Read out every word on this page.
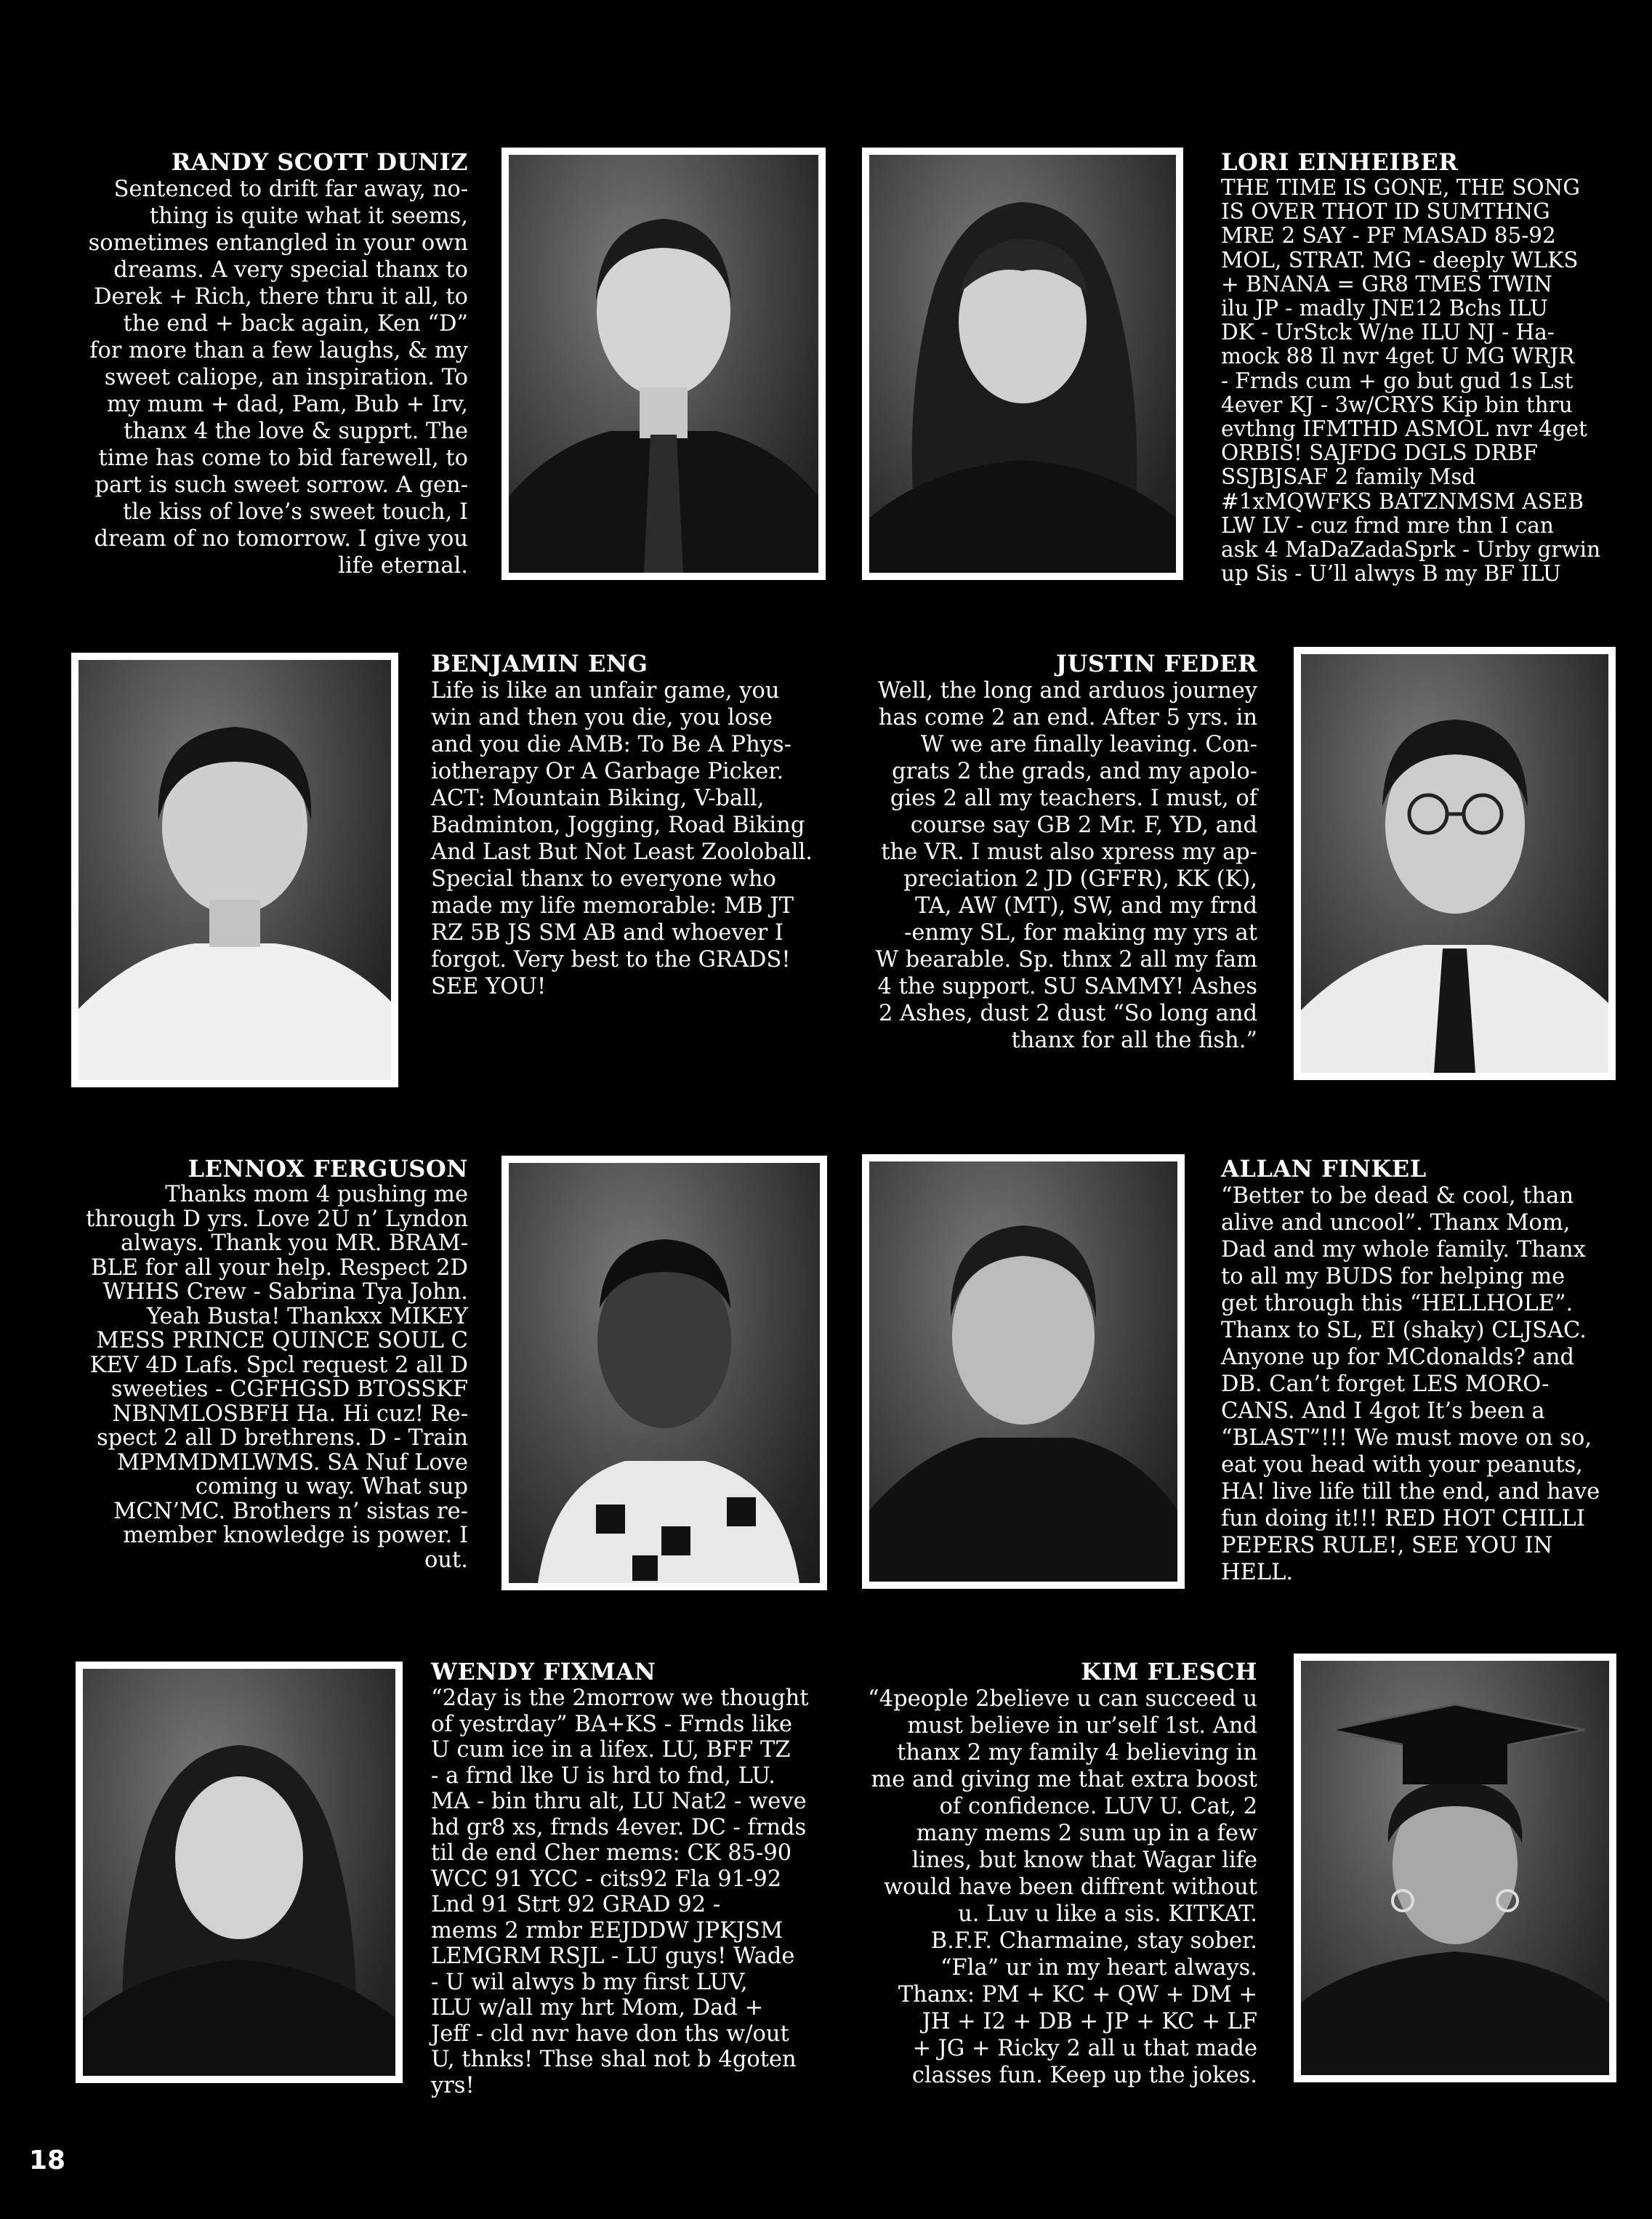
RANDY SCOTT DUNIZ
Sentenced to drift far away, no-
thing is quite what it seems,
sometimes entangled in your own
dreams. A very special thanx to
Derek + Rich, there thru it all, to
the end + back again, Ken “D”
for more than a few laughs, & my
sweet caliope, an inspiration. To
my mum + dad, Pam, Bub + Irv,
thanx 4 the love & supprt. The
time has come to bid farewell, to
part is such sweet sorrow. A gen-
tle kiss of love’s sweet touch, I
dream of no tomorrow. I give you
life eternal.
LORI EINHEIBER
THE TIME IS GONE, THE SONG
IS OVER THOT ID SUMTHNG
MRE 2 SAY - PF MASAD 85-92
MOL, STRAT. MG - deeply WLKS
+ BNANA = GR8 TMES TWIN
ilu JP - madly JNE12 Bchs ILU
DK - UrStck W/ne ILU NJ - Ha-
mock 88 Il nvr 4get U MG WRJR
- Frnds cum + go but gud 1s Lst
4ever KJ - 3w/CRYS Kip bin thru
evthng IFMTHD ASMOL nvr 4get
ORBIS! SAJFDG DGLS DRBF
SSJBJSAF 2 family Msd
#1xMQWFKS BATZNMSM ASEB
LW LV - cuz frnd mre thn I can
ask 4 MaDaZadaSprk - Urby grwin
up Sis - U’ll alwys B my BF ILU
BENJAMIN ENG
Life is like an unfair game, you
win and then you die, you lose
and you die AMB: To Be A Phys-
iotherapy Or A Garbage Picker.
ACT: Mountain Biking, V-ball,
Badminton, Jogging, Road Biking
And Last But Not Least Zooloball.
Special thanx to everyone who
made my life memorable: MB JT
RZ 5B JS SM AB and whoever I
forgot. Very best to the GRADS!
SEE YOU!
JUSTIN FEDER
Well, the long and arduos journey
has come 2 an end. After 5 yrs. in
W we are finally leaving. Con-
grats 2 the grads, and my apolo-
gies 2 all my teachers. I must, of
course say GB 2 Mr. F, YD, and
the VR. I must also xpress my ap-
preciation 2 JD (GFFR), KK (K),
TA, AW (MT), SW, and my frnd
-enmy SL, for making my yrs at
W bearable. Sp. thnx 2 all my fam
4 the support. SU SAMMY! Ashes
2 Ashes, dust 2 dust “So long and
thanx for all the fish.”
LENNOX FERGUSON
Thanks mom 4 pushing me
through D yrs. Love 2U n’ Lyndon
always. Thank you MR. BRAM-
BLE for all your help. Respect 2D
WHHS Crew - Sabrina Tya John.
Yeah Busta! Thankxx MIKEY
MESS PRINCE QUINCE SOUL C
KEV 4D Lafs. Spcl request 2 all D
sweeties - CGFHGSD BTOSSKF
NBNMLOSBFH Ha. Hi cuz! Re-
spect 2 all D brethrens. D - Train
MPMMDMLWMS. SA Nuf Love
coming u way. What sup
MCN’MC. Brothers n’ sistas re-
member knowledge is power. I
out.
ALLAN FINKEL
“Better to be dead & cool, than
alive and uncool”. Thanx Mom,
Dad and my whole family. Thanx
to all my BUDS for helping me
get through this “HELLHOLE”.
Thanx to SL, EI (shaky) CLJSAC.
Anyone up for MCdonalds? and
DB. Can’t forget LES MORO-
CANS. And I 4got It’s been a
“BLAST”!!! We must move on so,
eat you head with your peanuts,
HA! live life till the end, and have
fun doing it!!! RED HOT CHILLI
PEPERS RULE!, SEE YOU IN
HELL.
WENDY FIXMAN
“2day is the 2morrow we thought
of yestrday” BA+KS - Frnds like
U cum ice in a lifex. LU, BFF TZ
- a frnd lke U is hrd to fnd, LU.
MA - bin thru alt, LU Nat2 - weve
hd gr8 xs, frnds 4ever. DC - frnds
til de end Cher mems: CK 85-90
WCC 91 YCC - cits92 Fla 91-92
Lnd 91 Strt 92 GRAD 92 -
mems 2 rmbr EEJDDW JPKJSM
LEMGRM RSJL - LU guys! Wade
- U wil alwys b my first LUV,
ILU w/all my hrt Mom, Dad +
Jeff - cld nvr have don ths w/out
U, thnks! Thse shal not b 4goten
yrs!
KIM FLESCH
“4people 2believe u can succeed u
must believe in ur’self 1st. And
thanx 2 my family 4 believing in
me and giving me that extra boost
of confidence. LUV U. Cat, 2
many mems 2 sum up in a few
lines, but know that Wagar life
would have been diffrent without
u. Luv u like a sis. KITKAT.
B.F.F. Charmaine, stay sober.
“Fla” ur in my heart always.
Thanx: PM + KC + QW + DM +
JH + I2 + DB + JP + KC + LF
+ JG + Ricky 2 all u that made
classes fun. Keep up the jokes.
18
